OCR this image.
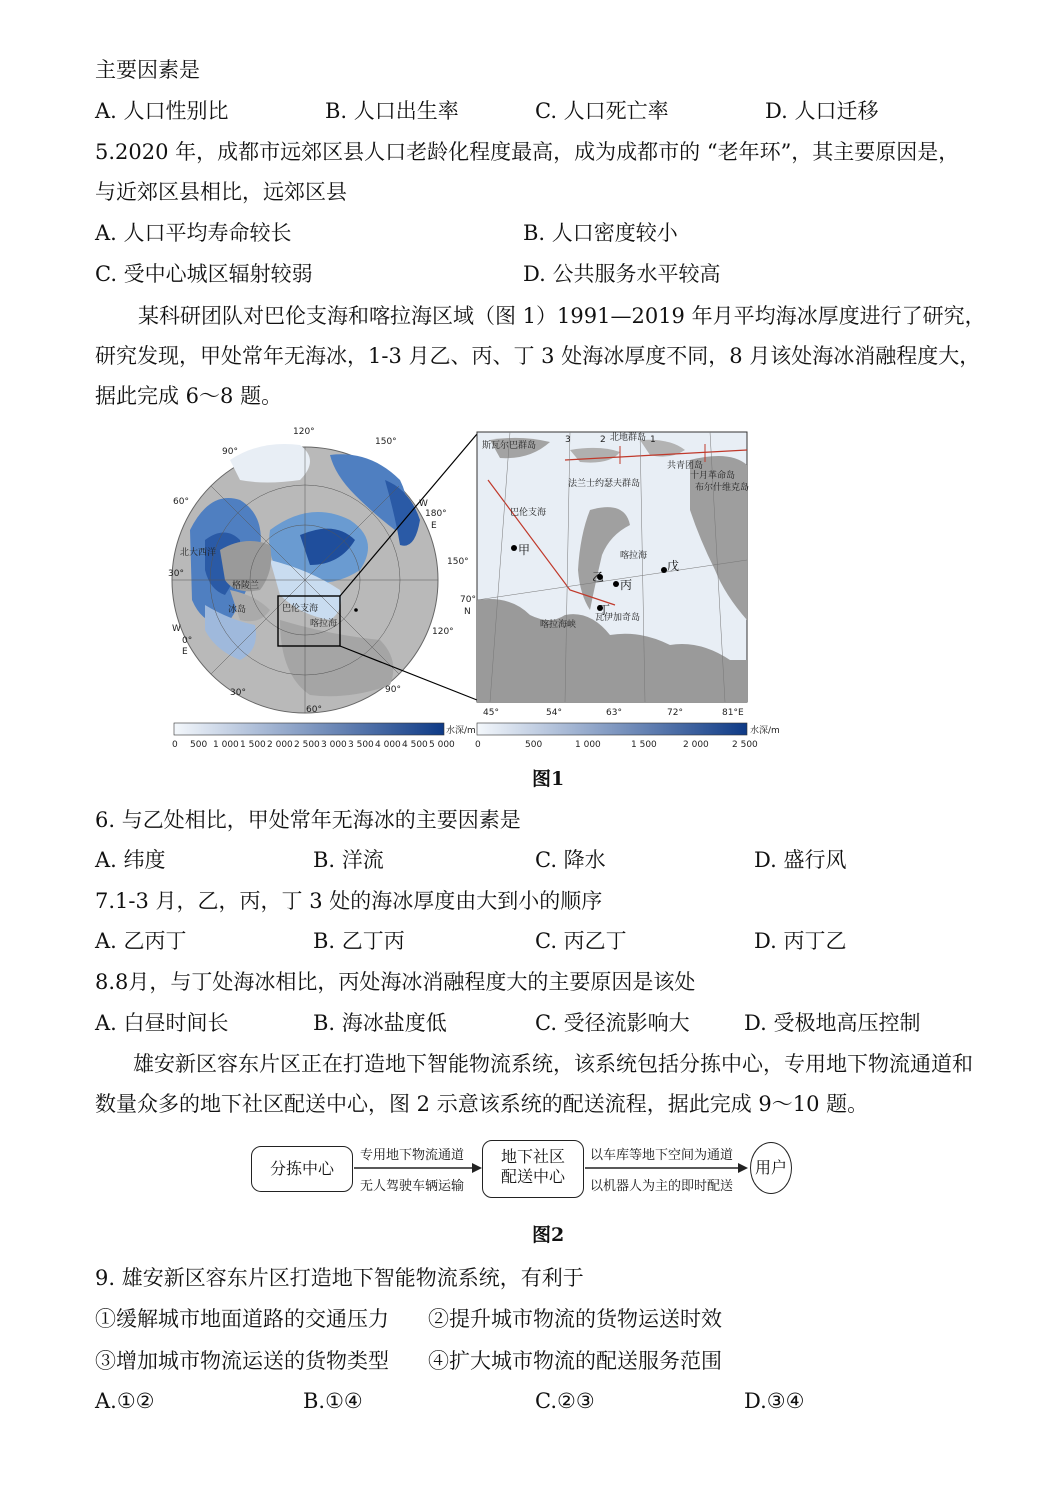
主要因素是
A. 人口性别比	B. 人口出生率	C. 人口死亡率	D. 人口迁移
5.2020 年，成都市远郊区县人口老龄化程度最高，成为成都市的 “老年环”，其主要原因是，
与近郊区县相比，远郊区县
A. 人口平均寿命较长	B. 人口密度较小
C. 受中心城区辐射较弱	D. 公共服务水平较高
某科研团队对巴伦支海和喀拉海区域（图 1）1991—2019 年月平均海冰厚度进行了研究，
研究发现，甲处常年无海冰，1-3 月乙、丙、丁 3 处海冰厚度不同，8 月该处海冰消融程度大，
据此完成 6～8 题。
120°
150°
90°
60°
30°
180°
150°
120°
90°
60°
30°
W
E
W
E
0°
北大西洋
格陵兰
冰岛	巴伦支海
喀拉海
斯瓦尔巴群岛
北地群岛
法兰士约瑟夫群岛
共青团岛
十月革命岛
布尔什维克岛
巴伦支海
喀拉海
瓦伊加奇岛
喀拉海峡
甲
乙
丙
丁
戊
3	2	1
70°
N
45°	54°	63°	72°	81°E
水深/m
0 500 1 000 1 500 2 000 2 500 3 000 3 500 4 000 4 500 5 000
水深/m
0	500	1 000	1 500	2 000	2 500
图1
6. 与乙处相比，甲处常年无海冰的主要因素是
A. 纬度	B. 洋流	C. 降水	D. 盛行风
7.1-3 月，乙，丙，丁 3 处的海冰厚度由大到小的顺序
A. 乙丙丁	B. 乙丁丙	C. 丙乙丁	D. 丙丁乙
8.8月，与丁处海冰相比，丙处海冰消融程度大的主要原因是该处
A. 白昼时间长	B. 海冰盐度低	C. 受径流影响大	D. 受极地高压控制
雄安新区容东片区正在打造地下智能物流系统，该系统包括分拣中心，专用地下物流通道和
数量众多的地下社区配送中心，图 2 示意该系统的配送流程，据此完成 9～10 题。
分拣中心
专用地下物流通道
无人驾驶车辆运输
地下社区
配送中心
以车库等地下空间为通道
以机器人为主的即时配送
用户
图2
9. 雄安新区容东片区打造地下智能物流系统，有利于
①缓解城市地面道路的交通压力 ②提升城市物流的货物运送时效
③增加城市物流运送的货物类型 ④扩大城市物流的配送服务范围
A.①②	B.①④	C.②③	D.③④
